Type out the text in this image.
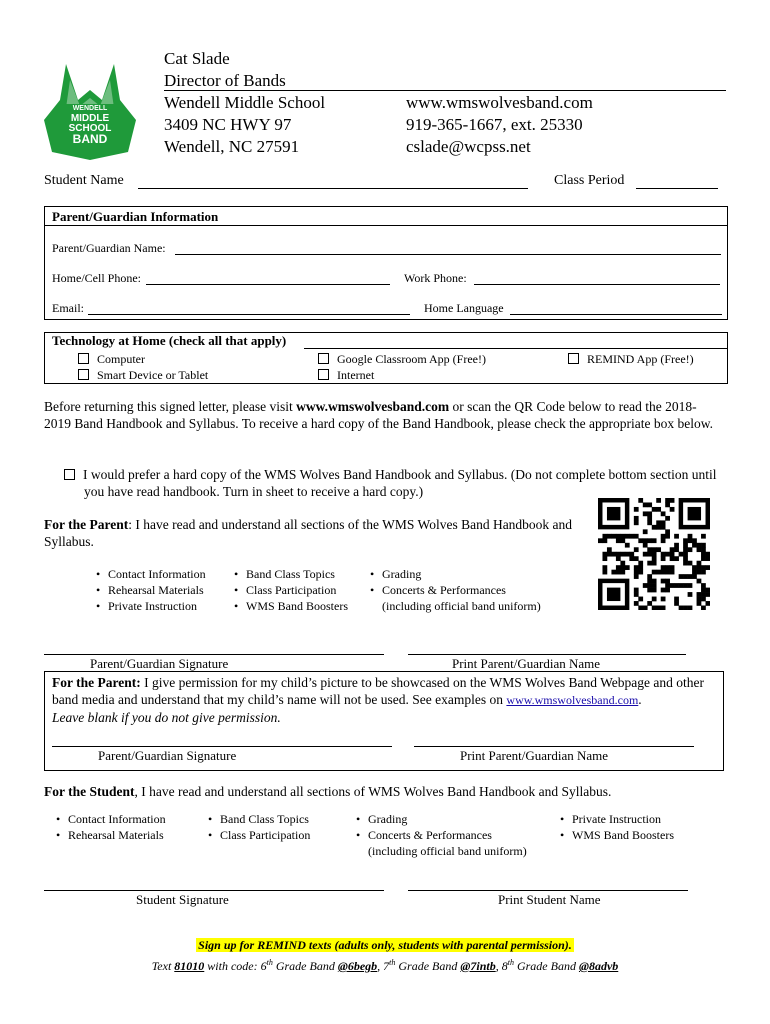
WENDELL
MIDDLE
SCHOOL
BAND
Cat Slade
Director of Bands
Wendell Middle School
3409 NC HWY 97
Wendell, NC 27591
www.wmswolvesband.com
919-365-1667, ext. 25330
cslade@wcpss.net
Student Name	Class Period
Parent/Guardian Information
Parent/Guardian Name:
Home/Cell Phone:	Work Phone:
Email:	Home Language
Technology at Home (check all that apply)
Computer
Smart Device or Tablet
Google Classroom App (Free!)
Internet
REMIND App (Free!)
Before returning this signed letter, please visit www.wmswolvesband.com or scan the QR Code below to read the 2018-2019 Band Handbook and Syllabus. To receive a hard copy of the Band Handbook, please check the appropriate box below.
I would prefer a hard copy of the WMS Wolves Band Handbook and Syllabus. (Do not complete bottom section until you have read handbook. Turn in sheet to receive a hard copy.)
For the Parent: I have read and understand all sections of the WMS Wolves Band Handbook and Syllabus.
• Contact Information
• Rehearsal Materials
• Private Instruction
• Band Class Topics
• Class Participation
• WMS Band Boosters
• Grading
• Concerts & Performances
(including official band uniform)
Parent/Guardian Signature	Print Parent/Guardian Name
For the Parent: I give permission for my child’s picture to be showcased on the WMS Wolves Band Webpage and other band media and understand that my child’s name will not be used. See examples on www.wmswolvesband.com.
Leave blank if you do not give permission.
Parent/Guardian Signature	Print Parent/Guardian Name
For the Student, I have read and understand all sections of WMS Wolves Band Handbook and Syllabus.
• Contact Information
• Rehearsal Materials
• Band Class Topics
• Class Participation
• Grading
• Concerts & Performances
(including official band uniform)
• Private Instruction
• WMS Band Boosters
Student Signature	Print Student Name
Sign up for REMIND texts (adults only, students with parental permission).
Text 81010 with code: 6th Grade Band @6begb, 7th Grade Band @7intb, 8th Grade Band @8advb
